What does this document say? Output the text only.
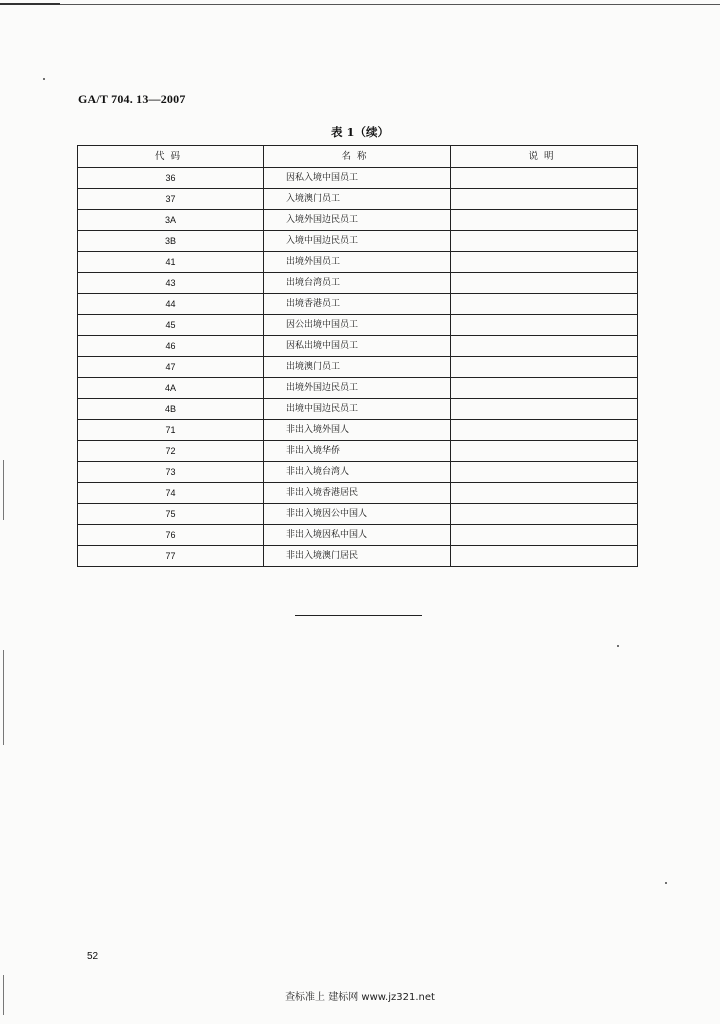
GA/T 704. 13—2007
表 1（续）
代码	名称	说明
36	因私入境中国员工	
37	入境澳门员工	
3A	入境外国边民员工	
3B	入境中国边民员工	
41	出境外国员工	
43	出境台湾员工	
44	出境香港员工	
45	因公出境中国员工	
46	因私出境中国员工	
47	出境澳门员工	
4A	出境外国边民员工	
4B	出境中国边民员工	
71	非出入境外国人	
72	非出入境华侨	
73	非出入境台湾人	
74	非出入境香港居民	
75	非出入境因公中国人	
76	非出入境因私中国人	
77	非出入境澳门居民	
52
查标准上 建标网 www.jz321.net
